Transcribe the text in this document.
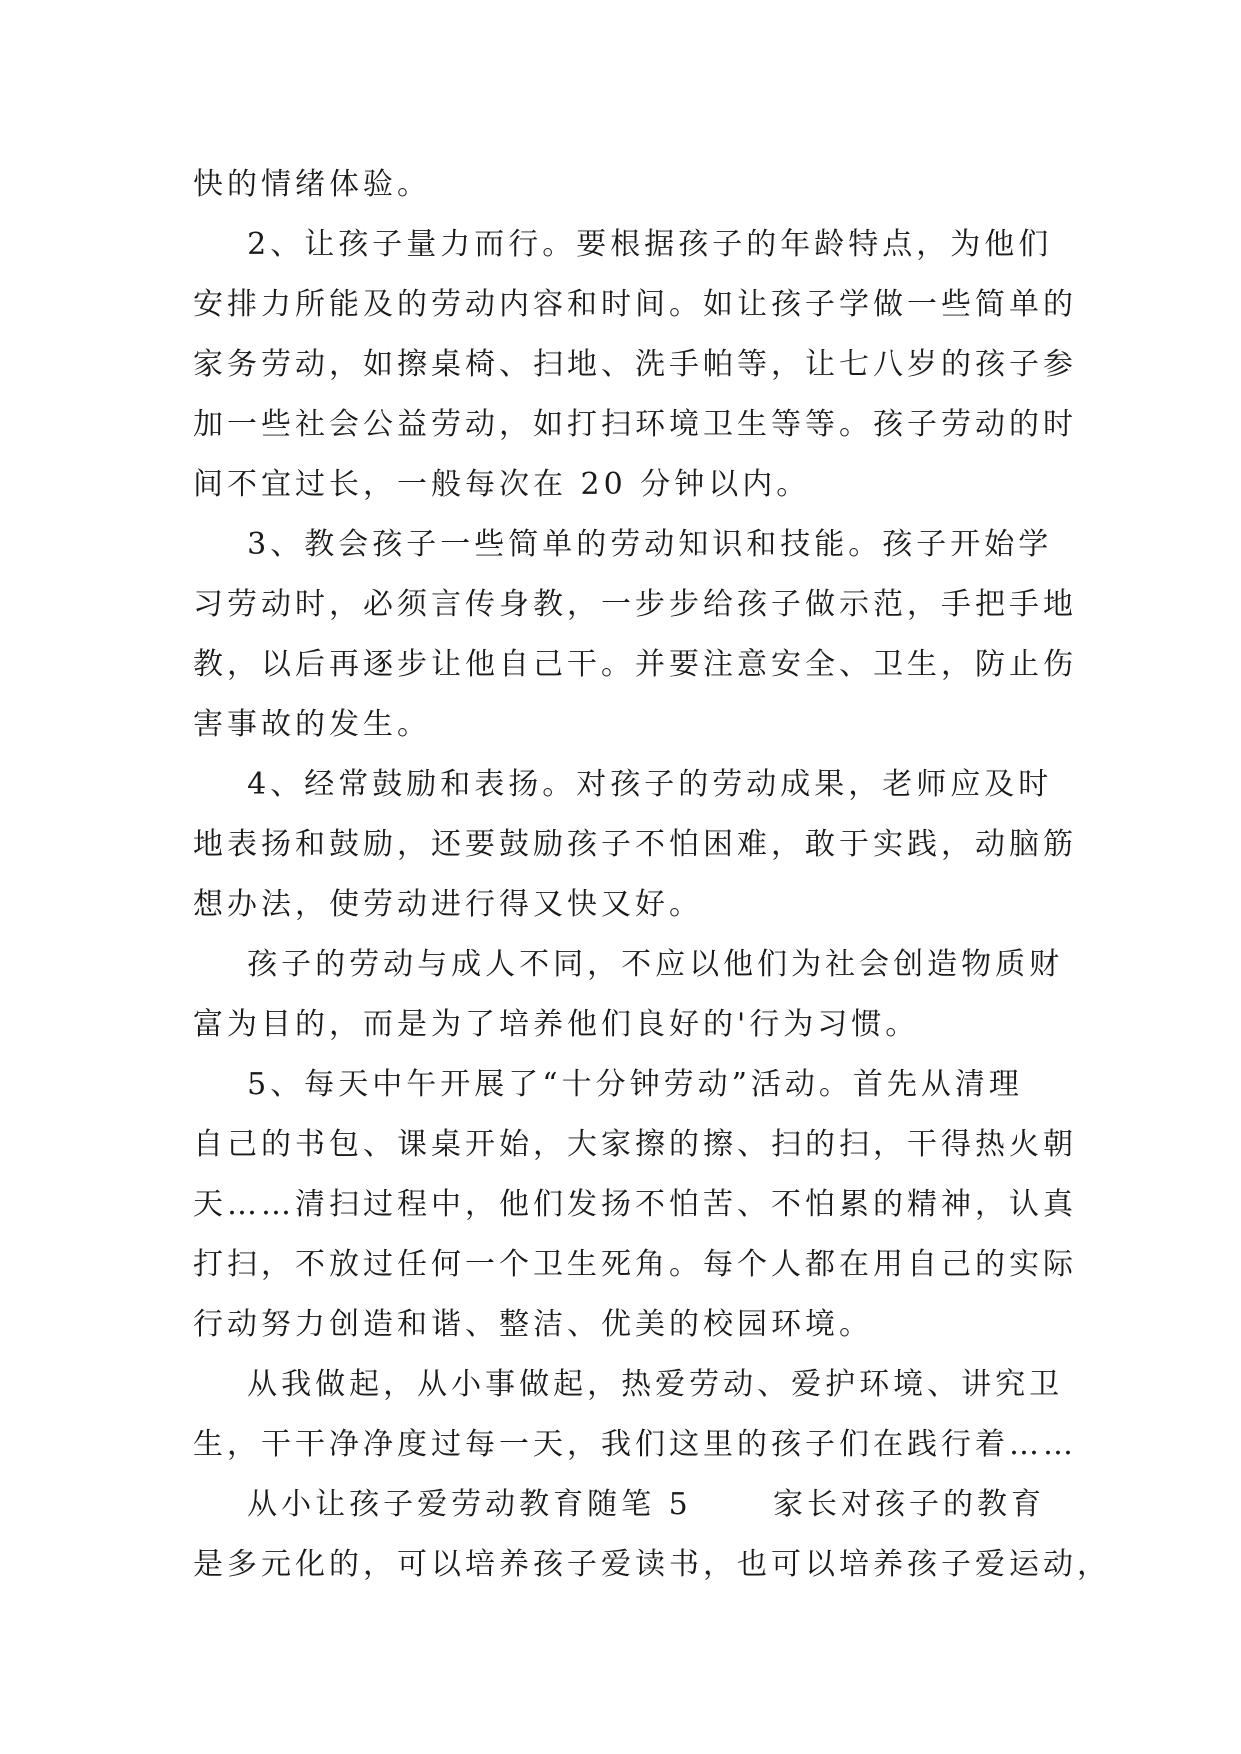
快的情绪体验。
2、让孩子量力而行。要根据孩子的年龄特点，为他们
安排力所能及的劳动内容和时间。如让孩子学做一些简单的
家务劳动，如擦桌椅、扫地、洗手帕等，让七八岁的孩子参
加一些社会公益劳动，如打扫环境卫生等等。孩子劳动的时
间不宜过长，一般每次在 20 分钟以内。
3、教会孩子一些简单的劳动知识和技能。孩子开始学
习劳动时，必须言传身教，一步步给孩子做示范，手把手地
教，以后再逐步让他自己干。并要注意安全、卫生，防止伤
害事故的发生。
4、经常鼓励和表扬。对孩子的劳动成果，老师应及时
地表扬和鼓励，还要鼓励孩子不怕困难，敢于实践，动脑筋
想办法，使劳动进行得又快又好。
孩子的劳动与成人不同，不应以他们为社会创造物质财
富为目的，而是为了培养他们良好的'行为习惯。
5、每天中午开展了“十分钟劳动”活动。首先从清理
自己的书包、课桌开始，大家擦的擦、扫的扫，干得热火朝
天……清扫过程中，他们发扬不怕苦、不怕累的精神，认真
打扫，不放过任何一个卫生死角。每个人都在用自己的实际
行动努力创造和谐、整洁、优美的校园环境。
从我做起，从小事做起，热爱劳动、爱护环境、讲究卫
生，干干净净度过每一天，我们这里的孩子们在践行着……
从小让孩子爱劳动教育随笔 5      家长对孩子的教育
是多元化的，可以培养孩子爱读书，也可以培养孩子爱运动，
